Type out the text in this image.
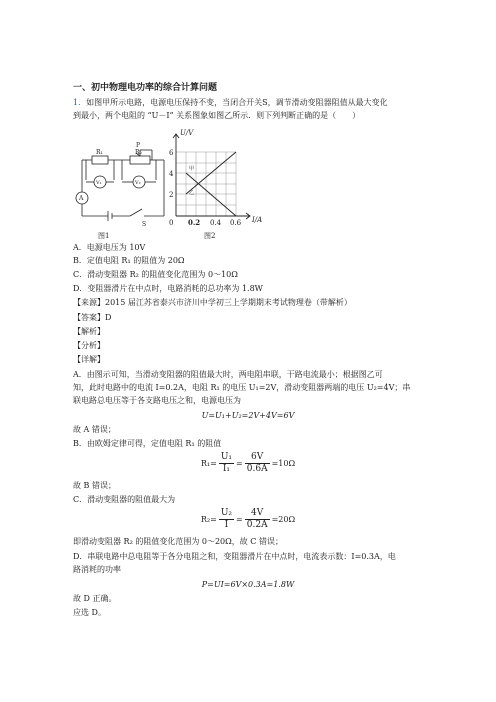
一、初中物理电功率的综合计算问题
1．如图甲所示电路，电源电压保持不变，当闭合开关S，调节滑动变阻器阻值从最大变化
到最小，两个电阻的 “U－I” 关系图象如图乙所示．则下列判断正确的是（　　）
R₁
P
R₂
V₁	V₂
A
S
图1
U/V
I/A
6
4
2
0 0.2 0.4 0.6
甲
乙
图2
A．电源电压为 10V
B．定值电阻 R₁ 的阻值为 20Ω
C．滑动变阻器 R₂ 的阻值变化范围为 0～10Ω
D．变阻器滑片在中点时，电路消耗的总功率为 1.8W
【来源】2015 届江苏省泰兴市济川中学初三上学期期末考试物理卷（带解析）
【答案】D
【解析】
【分析】
【详解】
A．由图示可知，当滑动变阻器的阻值最大时，两电阻串联，干路电流最小；根据图乙可
知，此时电路中的电流 I=0.2A，电阻 R₁ 的电压 U₁=2V，滑动变阻器两端的电压 U₂=4V；串
联电路总电压等于各支路电压之和，电源电压为
U=U₁+U₂=2V+4V=6V
故 A 错误；
B．由欧姆定律可得，定值电阻 R₁ 的阻值
$R_1= \frac{\text{U₁}}{\text{I₁}} = \frac{6V}{0.6A} =10\Omega$
故 B 错误；
C．滑动变阻器的阻值最大为
$R_2= \frac{\text{U₂}}{I} = \frac{4V}{0.2A} =20\Omega$
即滑动变阻器 R₂ 的阻值变化范围为 0～20Ω，故 C 错误；
D．串联电路中总电阻等于各分电阻之和，变阻器滑片在中点时，电流表示数：I=0.3A，电
路消耗的功率
P=UI=6V×0.3A=1.8W
故 D 正确。
应选 D。
